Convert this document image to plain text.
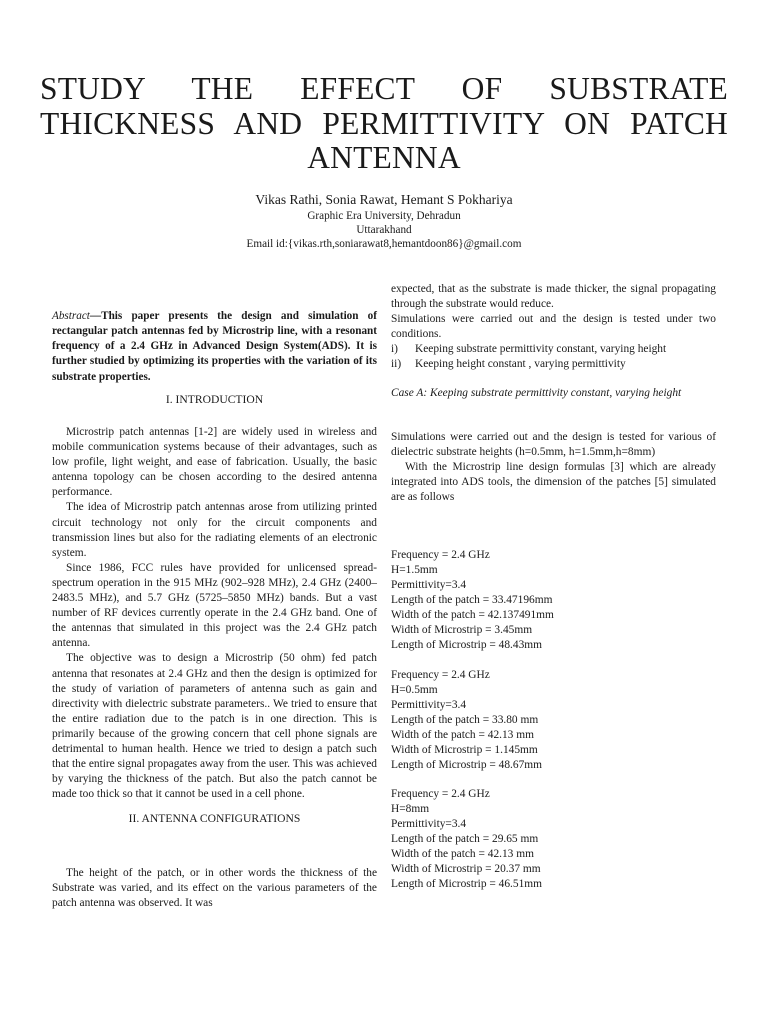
STUDY THE EFFECT OF SUBSTRATE
THICKNESS AND PERMITTIVITY ON PATCH
ANTENNA
Vikas Rathi, Sonia Rawat, Hemant S Pokhariya
Graphic Era University, Dehradun
Uttarakhand
Email id:{vikas.rth,soniarawat8,hemantdoon86}@gmail.com

Abstract—This paper presents the design and simulation of rectangular patch antennas fed by Microstrip line, with a resonant frequency of a 2.4 GHz in Advanced Design System(ADS). It is further studied by optimizing its properties with the variation of its substrate properties.

I. INTRODUCTION

Microstrip patch antennas [1-2] are widely used in wireless and mobile communication systems because of their advantages, such as low profile, light weight, and ease of fabrication. Usually, the basic antenna topology can be chosen according to the desired antenna performance.

The idea of Microstrip patch antennas arose from utilizing printed circuit technology not only for the circuit components and transmission lines but also for the radiating elements of an electronic system.

Since 1986, FCC rules have provided for unlicensed spread-spectrum operation in the 915 MHz (902–928 MHz), 2.4 GHz (2400–2483.5 MHz), and 5.7 GHz (5725–5850 MHz) bands. But a vast number of RF devices currently operate in the 2.4 GHz band. One of the antennas that simulated in this project was the 2.4 GHz patch antenna.

The objective was to design a Microstrip (50 ohm) fed patch antenna that resonates at 2.4 GHz and then the design is optimized for the study of variation of parameters of antenna such as gain and directivity with dielectric substrate parameters.. We tried to ensure that the entire radiation due to the patch is in one direction. This is primarily because of the growing concern that cell phone signals are detrimental to human health. Hence we tried to design a patch such that the entire signal propagates away from the user. This was achieved by varying the thickness of the patch. But also the patch cannot be made too thick so that it cannot be used in a cell phone.

II. ANTENNA CONFIGURATIONS

The height of the patch, or in other words the thickness of the Substrate was varied, and its effect on the various parameters of the patch antenna was observed. It was

expected, that as the substrate is made thicker, the signal propagating through the substrate would reduce.

Simulations were carried out and the design is tested under two conditions.

i) Keeping substrate permittivity constant, varying height

ii) Keeping height constant , varying permittivity

Case A: Keeping substrate permittivity constant, varying height

Simulations were carried out and the design is tested for various of dielectric substrate heights (h=0.5mm, h=1.5mm,h=8mm)

With the Microstrip line design formulas [3] which are already integrated into ADS tools, the dimension of the patches [5] simulated are as follows

Frequency = 2.4 GHz

H=1.5mm

Permittivity=3.4

Length of the patch = 33.47196mm

Width of the patch = 42.137491mm

Width of Microstrip = 3.45mm

Length of Microstrip = 48.43mm

Frequency = 2.4 GHz

H=0.5mm

Permittivity=3.4

Length of the patch = 33.80 mm

Width of the patch = 42.13 mm

Width of Microstrip = 1.145mm

Length of Microstrip = 48.67mm

Frequency = 2.4 GHz

H=8mm

Permittivity=3.4

Length of the patch = 29.65 mm

Width of the patch = 42.13 mm

Width of Microstrip = 20.37 mm

Length of Microstrip = 46.51mm
